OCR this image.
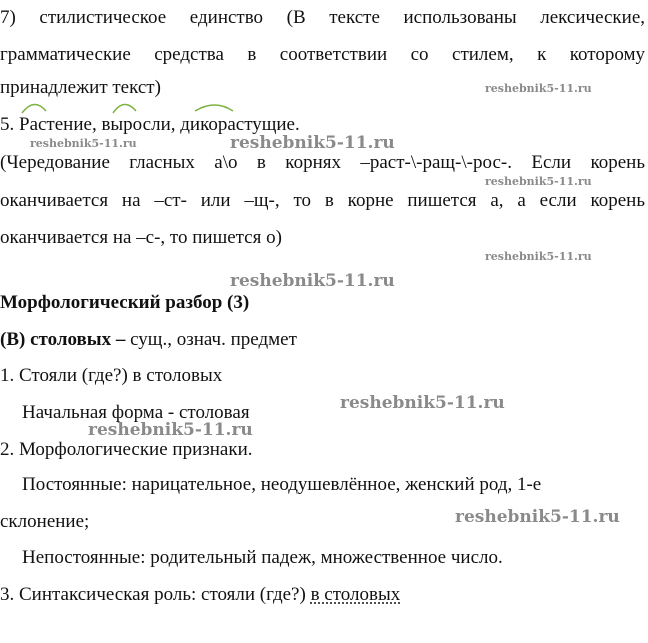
7) стилистическое единство (В тексте использованы лексические,
грамматические средства в соответствии со стилем, к которому
принадлежит текст)
5. Растение, выросли, дикорастущие.
(Чередование гласных а\о в корнях –раст-\-ращ-\-рос-. Если корень
оканчивается на –ст- или –щ-, то в корне пишется а, а если корень
оканчивается на –с-, то пишется о)
Морфологический разбор (3)
(В) столовых – сущ., означ. предмет
1. Стояли (где?) в столовых
Начальная форма - столовая
2. Морфологические признаки.
Постоянные: нарицательное, неодушевлённое, женский род, 1-е
склонение;
Непостоянные: родительный падеж, множественное число.
3. Синтаксическая роль: стояли (где?) в столовых
reshebnik5-11.ru
reshebnik5-11.ru	reshebnik5-11.ru
reshebnik5-11.ru
reshebnik5-11.ru
reshebnik5-11.ru
reshebnik5-11.ru
reshebnik5-11.ru
reshebnik5-11.ru
